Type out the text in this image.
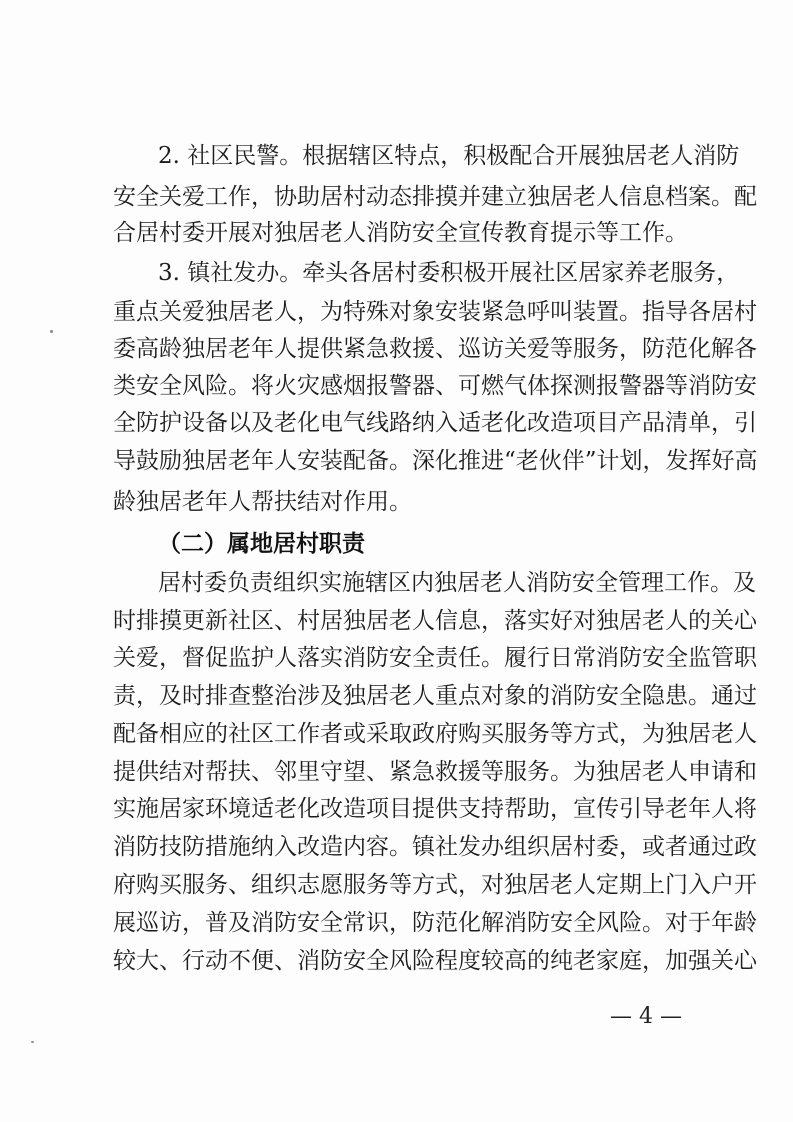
2. 社区民警。根据辖区特点，积极配合开展独居老人消防
安全关爱工作，协助居村动态排摸并建立独居老人信息档案。配
合居村委开展对独居老人消防安全宣传教育提示等工作。
3. 镇社发办。牵头各居村委积极开展社区居家养老服务，
重点关爱独居老人，为特殊对象安装紧急呼叫装置。指导各居村
委高龄独居老年人提供紧急救援、巡访关爱等服务，防范化解各
类安全风险。将火灾感烟报警器、可燃气体探测报警器等消防安
全防护设备以及老化电气线路纳入适老化改造项目产品清单，引
导鼓励独居老年人安装配备。深化推进“老伙伴”计划，发挥好高
龄独居老年人帮扶结对作用。
（二）属地居村职责
居村委负责组织实施辖区内独居老人消防安全管理工作。及
时排摸更新社区、村居独居老人信息，落实好对独居老人的关心
关爱，督促监护人落实消防安全责任。履行日常消防安全监管职
责，及时排查整治涉及独居老人重点对象的消防安全隐患。通过
配备相应的社区工作者或采取政府购买服务等方式，为独居老人
提供结对帮扶、邻里守望、紧急救援等服务。为独居老人申请和
实施居家环境适老化改造项目提供支持帮助，宣传引导老年人将
消防技防措施纳入改造内容。镇社发办组织居村委，或者通过政
府购买服务、组织志愿服务等方式，对独居老人定期上门入户开
展巡访，普及消防安全常识，防范化解消防安全风险。对于年龄
较大、行动不便、消防安全风险程度较高的纯老家庭，加强关心
— 4 —
